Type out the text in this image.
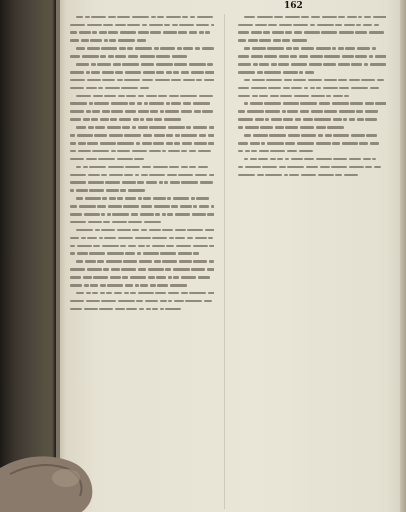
162
